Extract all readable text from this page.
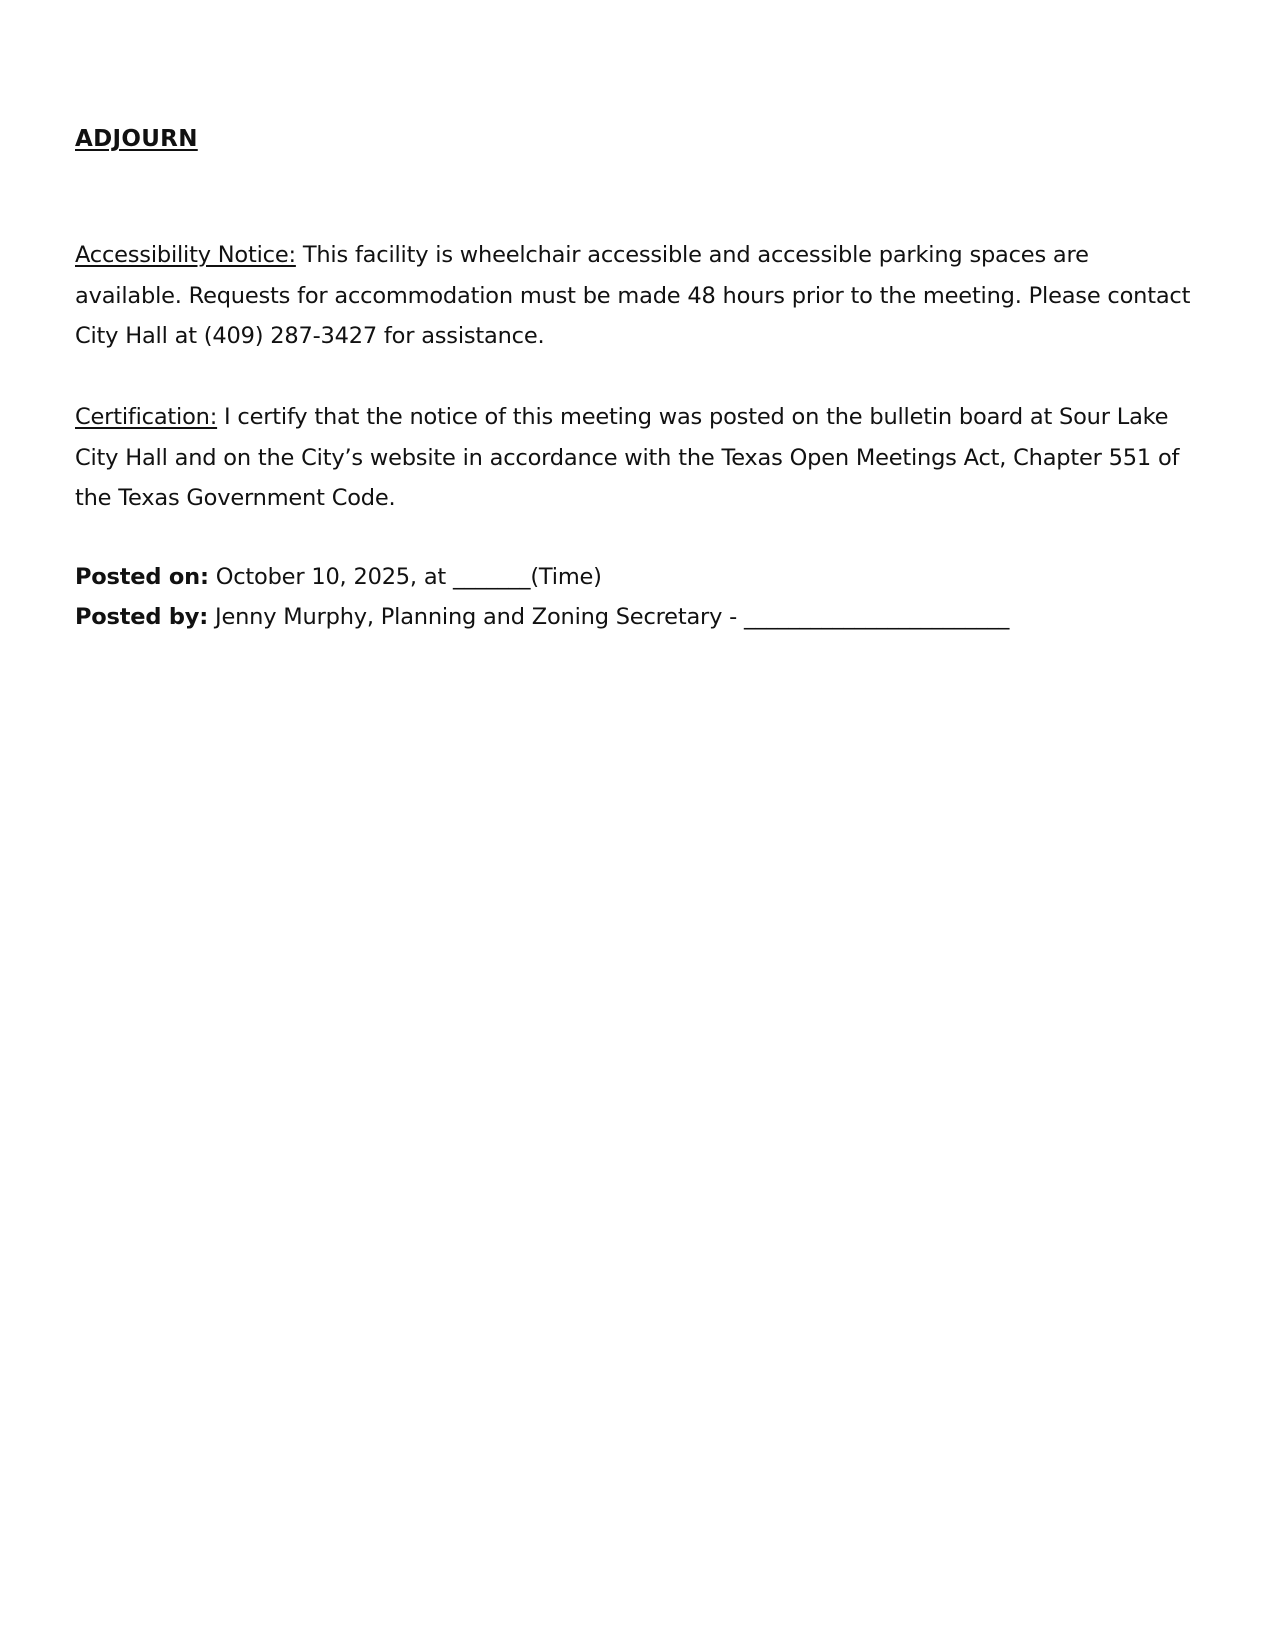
ADJOURN

Accessibility Notice: This facility is wheelchair accessible and accessible parking spaces are available. Requests for accommodation must be made 48 hours prior to the meeting. Please contact City Hall at (409) 287-3427 for assistance.

Certification: I certify that the notice of this meeting was posted on the bulletin board at Sour Lake City Hall and on the City’s website in accordance with the Texas Open Meetings Act, Chapter 551 of the Texas Government Code.

Posted on: October 10, 2025, at _______(Time)
Posted by: Jenny Murphy, Planning and Zoning Secretary - ________________________
